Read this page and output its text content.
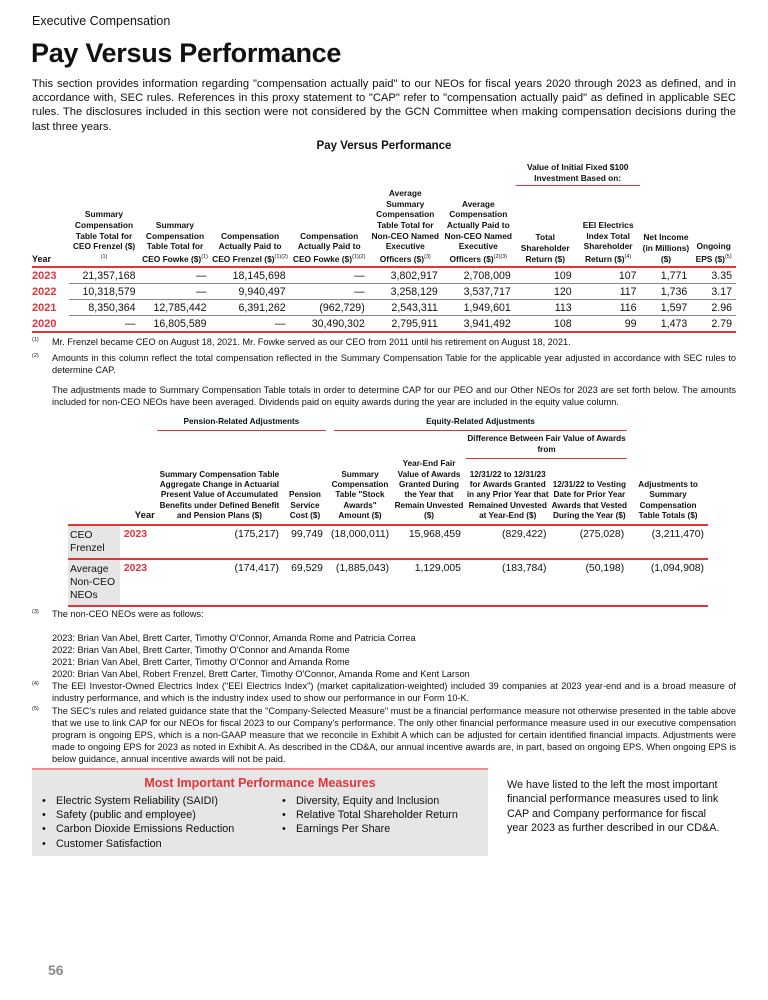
Executive Compensation
Pay Versus Performance

This section provides information regarding "compensation actually paid" to our NEOs for fiscal years 2020 through 2023 as defined, and in accordance with, SEC rules. References in this proxy statement to "CAP" refer to "compensation actually paid" as defined in applicable SEC rules. The disclosures included in this section were not considered by the GCN Committee when making compensation decisions during the last three years.

Pay Versus Performance
							Value of Initial Fixed $100 Investment Based on:			
Year	Summary Compensation Table Total for CEO Frenzel ($)$^{(1)}$	Summary Compensation Table Total for CEO Fowke ($)$^{(1)}$	Compensation Actually Paid to CEO Frenzel ($)$^{(1)(2)}$	Compensation Actually Paid to CEO Fowke ($)$^{(1)(2)}$	Average Summary Compensation Table Total for Non-CEO Named Executive Officers ($)$^{(3)}$	Average Compensation Actually Paid to Non-CEO Named Executive Officers ($)$^{(2)(3)}$	Total Shareholder Return ($)	EEI Electrics Index Total Shareholder Return ($)$^{(4)}$	Net Income (in Millions) ($)	Ongoing EPS ($)$^{(5)}$
2023	21,357,168	—	18,145,698	—	3,802,917	2,708,009	109	107	1,771	3.35
2022	10,318,579	—	9,940,497	—	3,258,129	3,537,717	120	117	1,736	3.17
2021	8,350,364	12,785,442	6,391,262	(962,729)	2,543,311	1,949,601	113	116	1,597	2.96
2020	—	16,805,589	—	30,490,302	2,795,911	3,941,492	108	99	1,473	2.79
(1) Mr. Frenzel became CEO on August 18, 2021. Mr. Fowke served as our CEO from 2011 until his retirement on August 18, 2021.
(2) Amounts in this column reflect the total compensation reflected in the Summary Compensation Table for the applicable year adjusted in accordance with SEC rules to determine CAP.
The adjustments made to Summary Compensation Table totals in order to determine CAP for our PEO and our Other NEOs for 2023 are set forth below. The amounts included for non-CEO NEOs have been averaged. Dividends paid on equity awards during the year are included in the equity value column.

		Pension-Related Adjustments		Equity-Related Adjustments				

						Difference Between Fair Value of Awards from		

	Year	Summary Compensation Table Aggregate Change in Actuarial Present Value of Accumulated Benefits under Defined Benefit and Pension Plans ($)	Pension Service Cost ($)	Summary Compensation Table "Stock Awards" Amount ($)	Year-End Fair Value of Awards Granted During the Year that Remain Unvested ($)	12/31/22 to 12/31/23 for Awards Granted in any Prior Year that Remained Unvested at Year-End ($)	12/31/22 to Vesting Date for Prior Year Awards that Vested During the Year ($)	Adjustments to Summary Compensation Table Totals ($)
CEO Frenzel	2023	(175,217)	99,749	(18,000,011)	15,968,459	(829,422)	(275,028)	(3,211,470)
Average Non-CEO NEOs	2023	(174,417)	69,529	(1,885,043)	1,129,005	(183,784)	(50,198)	(1,094,908)
(3) The non-CEO NEOs were as follows:
2023: Brian Van Abel, Brett Carter, Timothy O'Connor, Amanda Rome and Patricia Correa
2022: Brian Van Abel, Brett Carter, Timothy O'Connor and Amanda Rome
2021: Brian Van Abel, Brett Carter, Timothy O'Connor and Amanda Rome
2020: Brian Van Abel, Robert Frenzel, Brett Carter, Timothy O'Connor, Amanda Rome and Kent Larson
(4) The EEI Investor-Owned Electrics Index ("EEI Electrics Index") (market capitalization-weighted) included 39 companies at 2023 year-end and is a broad measure of industry performance, and which is the industry index used to show our performance in our Form 10-K.
(5) The SEC's rules and related guidance state that the "Company-Selected Measure" must be a financial performance measure not otherwise presented in the table above that we use to link CAP for our NEOs for fiscal 2023 to our Company's performance. The only other financial performance measure used in our executive compensation program is ongoing EPS, which is a non-GAAP measure that we reconcile in Exhibit A which can be adjusted for certain identified financial impacts. Adjustments were made to ongoing EPS for 2023 as noted in Exhibit A. As described in the CD&A, our annual incentive awards are, in part, based on ongoing EPS. When ongoing EPS is below guidance, annual incentive awards will not be paid.
Most Important Performance Measures
• Electric System Reliability (SAIDI)
• Safety (public and employee)
• Carbon Dioxide Emissions Reduction
• Customer Satisfaction
• Diversity, Equity and Inclusion
• Relative Total Shareholder Return
• Earnings Per Share

We have listed to the left the most important financial performance measures used to link CAP and Company performance for fiscal year 2023 as further described in our CD&A.

56
